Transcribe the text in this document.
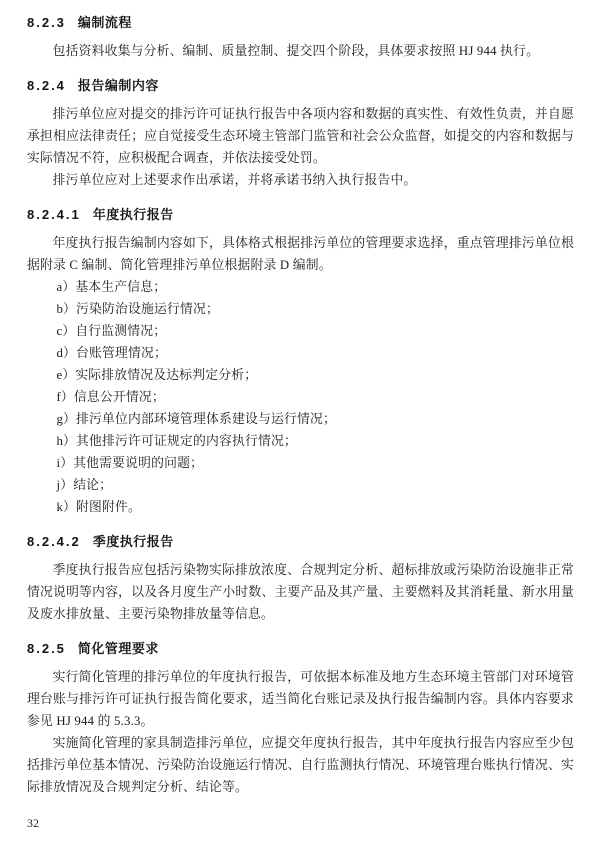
8.2.3 编制流程

包括资料收集与分析、编制、质量控制、提交四个阶段，具体要求按照 HJ 944 执行。

8.2.4 报告编制内容

排污单位应对提交的排污许可证执行报告中各项内容和数据的真实性、有效性负责，并自愿承担相应法律责任；应自觉接受生态环境主管部门监管和社会公众监督，如提交的内容和数据与实际情况不符，应积极配合调查，并依法接受处罚。

排污单位应对上述要求作出承诺，并将承诺书纳入执行报告中。

8.2.4.1 年度执行报告

年度执行报告编制内容如下，具体格式根据排污单位的管理要求选择，重点管理排污单位根据附录 C 编制、简化管理排污单位根据附录 D 编制。

a）基本生产信息；
b）污染防治设施运行情况；
c）自行监测情况；
d）台账管理情况；
e）实际排放情况及达标判定分析；
f）信息公开情况；
g）排污单位内部环境管理体系建设与运行情况；
h）其他排污许可证规定的内容执行情况；
i）其他需要说明的问题；
j）结论；
k）附图附件。
8.2.4.2 季度执行报告

季度执行报告应包括污染物实际排放浓度、合规判定分析、超标排放或污染防治设施非正常情况说明等内容，以及各月度生产小时数、主要产品及其产量、主要燃料及其消耗量、新水用量及废水排放量、主要污染物排放量等信息。

8.2.5 简化管理要求

实行简化管理的排污单位的年度执行报告，可依据本标准及地方生态环境主管部门对环境管理台账与排污许可证执行报告简化要求，适当简化台账记录及执行报告编制内容。具体内容要求参见 HJ 944 的 5.3.3。

实施简化管理的家具制造排污单位，应提交年度执行报告，其中年度执行报告内容应至少包括排污单位基本情况、污染防治设施运行情况、自行监测执行情况、环境管理台账执行情况、实际排放情况及合规判定分析、结论等。

32
